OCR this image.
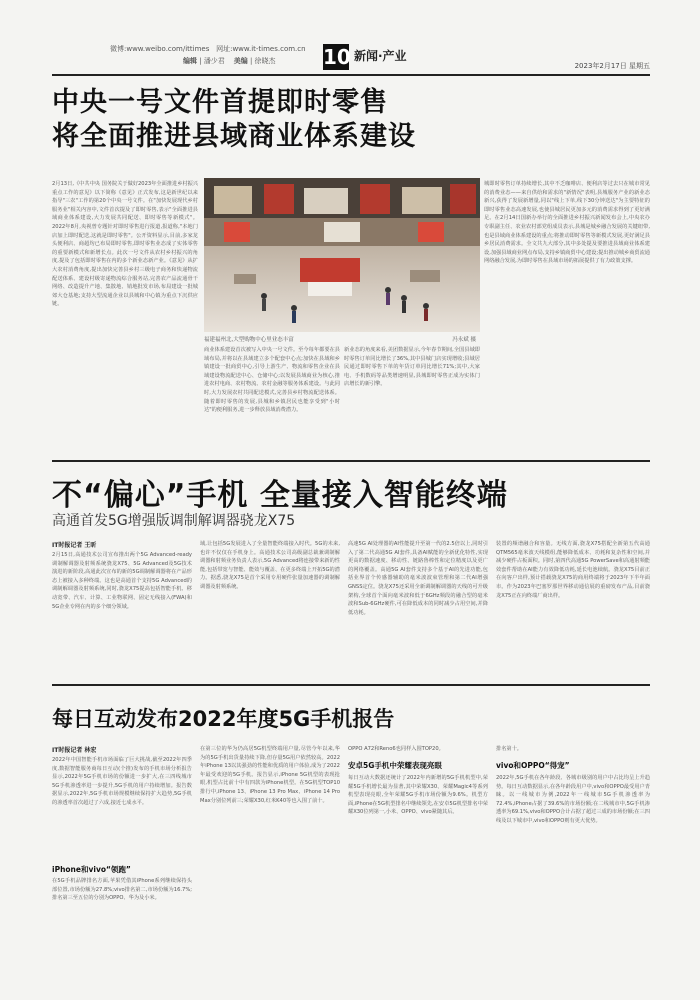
微博:www.weibo.com/ittimes 网址:www.it-times.com.cn
编辑 | 潘少君 美编 | 徐晓杰 10 新闻·产业
2023年2月17日 星期五
中央一号文件首提即时零售
将全面推进县域商业体系建设
2月13日,《中共中央 国务院关于做好2023年全面推进乡村振兴重点工作的意见》以下简称《意见》正式发布,这是新世纪以来指导"三农"工作的第20个中央一号文件。在"加快发展现代乡村服务业"相关内容中,文件首次提及了即时零售,表示"全面推进县域商业体系建设,大力发展共同配送、即时零售等新模式"。2022年8月,央视曾专题针对即时零售进行报道,报道称,"本地门店加上即时配送,这就是即时零售"。公开资料显示,目前,多家龙头便利店、商超均已布局即时零售,即时零售业态成了实体零售的重要新模式和新增长点。此次一号文件从农村乡村振兴的角度,提及了包括即时零售在内的多个新业态新产业。《意见》从扩大农村消费角度,提出加快完善县乡村三级电子商务和快递物流配送体系、建设村级寄递物流综合服务站,完善农产品流通骨干网络、改造提升产地、集散地、销地批发市场,布局建设一批城郊大仓基地;支持大型流通企业以县城和中心镇为重点下沉供应链。
福建福州北,大型购物中心里业态丰富	冯永斌 摄
商业体系建设首次被写入中央一号文件。至今每年都要在县域布局,并将以在县域建立多个配套中心点;加快在县域和乡镇建设一批商贸中心,引导上游生产、物流和零售企业在县域建设物流配送中心、仓储中心;以发展县域商业为核心,推进农村电商、农村物流、农村金融等服务体系建设。与此同时,大力发展农村共同配送模式,完善县乡村物流配送体系。随着即时零售的发展,县城和乡镇居民也能享受到"小时达"的便利服务,进一步释放县域消费潜力。
新业态的角度来看,美团数据显示,今年春节期间,全国县域即时零售订单同比增长了36%,其中县城门店实现增收;县域居民通过即时零售下单的年货订单同比增长71%;其中,大家电、手机数码等品类增速明显,县城即时零售正成为实体门店增长的新引擎。
城即时零售订单持续增长,其中不乏咖啡店、便利店等过去只在城市常见的消费业态——来自供给和需求的"新情况"表明,县城服务产业的新业态新兴,获得了发展新增量,同以"线上下单,线下30分钟送达"为主要特征的即时零售业态高速发展,也使县城居民更加多元的消费需求得到了更好满足。在2月14日国新办举行的全面推进乡村振兴新闻发布会上,中央农办专职副主任、农业农村部党组成员表示,县城是城乡融合发展的关键纽带,也是县域商业体系建设的重点;将推动即时零售等新模式发展,更好满足县乡居民消费需求。全文共九大部分,其中多处提及要推进县域商业体系建设,加强县域商业网点布局,支持乡镇商贸中心建设;提出推动城乡商贸流通网络融合发展,为即时零售在县域市场的拓展提供了有力政策支撑。
不“偏心”手机 全量接入智能终端
高通首发5G增强版调制解调器骁龙X75
IT时报记者 王昕
2月15日,高通技术公司宣布推出两个5G Advanced-ready调制解调器及射频系统骁龙X75、5G Advanced及5G技术演进的新阶段,高通此次宣布的新的5G调制解调器将在产品形态上被接入多种终端。这也是高通首个支持5G Advanced的调制解调器及射频系统,同时,骁龙X75提高包括智能手机、移动宽带、汽车、计算、工业物联网、固定无线接入(FWA)和5G企业专网在内的多个细分领域。
域,让包括5G发展进入了全量智能终端接入时代。5G的未来,也许不仅仅在手机身上。高通技术公司高级副总裁兼调制解调器和射频业务负责人表示,5G Advanced将连接带来新的性能,包括带宽与智能、能效与覆盖、在更多终端上开拓5G的潜力。据悉,骁龙X75是首个采用专用硬件张量加速器的调制解调器及射频系统。
高速5G AI处理器的AI性能提升至第一代的2.5倍以上,同时引入了第二代高通5G AI套件,具备AI赋能的全新优化特性,实现更高的数据速度、移动性、链路鲁棒性和定位精度以及更广的网络覆盖。高通5G AI套件支持多个基于AI的先进功能,包括业界首个传感器辅助的毫米波波束管理和第二代AI增强GNSS定位。骁龙X75还采用全新调制解调器的天线的可升级架构,全球首个面向毫米波和低于6GHz频段的融合型的毫米波和Sub-6GHz硬件,可在降低成本的同时减少占用空间,并降低功耗。
装置的频谱融合和容量。无线方面,骁龙X75搭配全新第五代高通QTM565毫米波天线模组,能够降低成本、功耗和复杂性和空间,并减少硬件占板面积。同时,第四代高通5G PowerSave和高通射频能效套件帮助在AI能力有效降低功耗,延长电池续航。骁龙X75目前正在向客户出样,预计搭载骁龙X75的商用终端将于2023年下半年面市。作为2023年巴塞罗那世界移动通信展的重磅发布产品,目前骁龙X75正在向终端厂商出样。
每日互动发布2022年度5G手机报告
IT时报记者 林宏
2022年中国智能手机市场面临了巨大挑战,截至2022年四季度,数据智能服务商每日互动(个推)发布的手机市场分析报告显示,2022年5G手机市场的份额进一步扩大,在三四线城市5G手机渗透率进一步提升,5G手机的用户持续增加。报告数据显示,2022年,5G手机市场规模继续保持扩大趋势,5G手机的渗透率首次超过了六成,接近七成水平。
iPhone和vivo“领跑”
在5G手机品牌排名方面,苹果凭借其iPhone系列继续保持头部位置,市场份额为27.8%;vivo排名第二,市场份额为16.7%;排名第三至五位的分别为OPPO、华为及小米。
在第三位的华为仍高居5G机型终端用户量,尽管今年以来,华为的5G手机出货量持续下降,但存量5G用户依然较高。2022年iPhone 13以其强劲的性能和优质的用户体验,成为了2022年最受欢迎的5G手机。报告显示,iPhone 5G机型的表现抢眼,机型占比前十中有四款为iPhone机型。在5G机型TOP10排行中,iPhone 13、iPhone 13 Pro Max、iPhone 14 Pro Max分别位列前三;荣耀X30,红米K40等也入围了前十。
OPPO A72和Reno6也同样入围TOP20。
安卓5G手机中荣耀表现亮眼
每日互动大数据还统计了2022年内新增的5G手机机型中,荣耀5G手机增长最为显著,其中荣耀X30、荣耀Magic4等系列机型表现亮眼,全年荣耀5G手机市场份额为9.6%。机型方面,iPhone在5G机型排名中继续领先,在安卓5G机型排名中荣耀X30位列第一,小米、OPPO、vivo紧随其后。
排名第十。
vivo和OPPO“得宠”
2022年,5G手机在各年龄段、各城市级别的用户中占比均呈上升趋势。每日互动数据显示,在各年龄段用户中,vivo和OPPO最受用户青睐。以一线城市为例,2022年一线城市5G手机渗透率为72.4%,iPhone占据了39.6%的市场份额;在二线城市中,5G手机渗透率为69.1%,vivo和OPPO合计占据了超过三成的市场份额;在三四线及以下城市中,vivo和OPPO则有更大优势。
